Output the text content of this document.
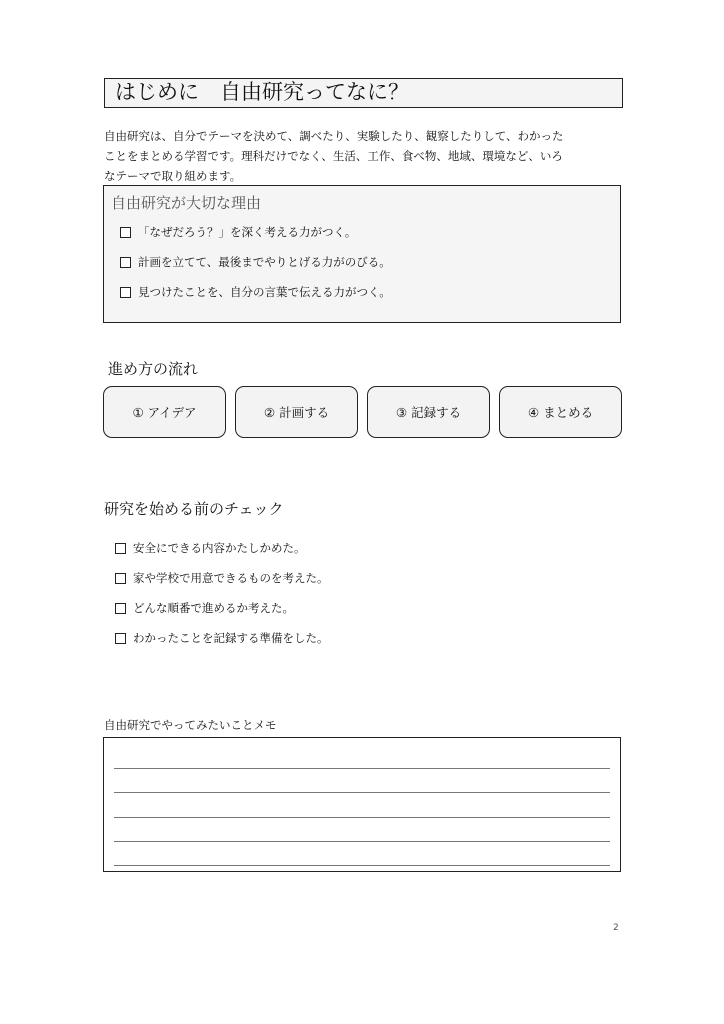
はじめに　自由研究ってなに？
自由研究は、自分でテーマを決めて、調べたり、実験したり、観察したりして、わかった
ことをまとめる学習です。理科だけでなく、生活、工作、食べ物、地域、環境など、いろ
なテーマで取り組めます。
自由研究が大切な理由
「なぜだろう？」を深く考える力がつく。
計画を立てて、最後までやりとげる力がのびる。
見つけたことを、自分の言葉で伝える力がつく。
進め方の流れ
① アイデア	② 計画する	③ 記録する	④ まとめる
研究を始める前のチェック
安全にできる内容かたしかめた。
家や学校で用意できるものを考えた。
どんな順番で進めるか考えた。
わかったことを記録する準備をした。
自由研究でやってみたいことメモ
2
